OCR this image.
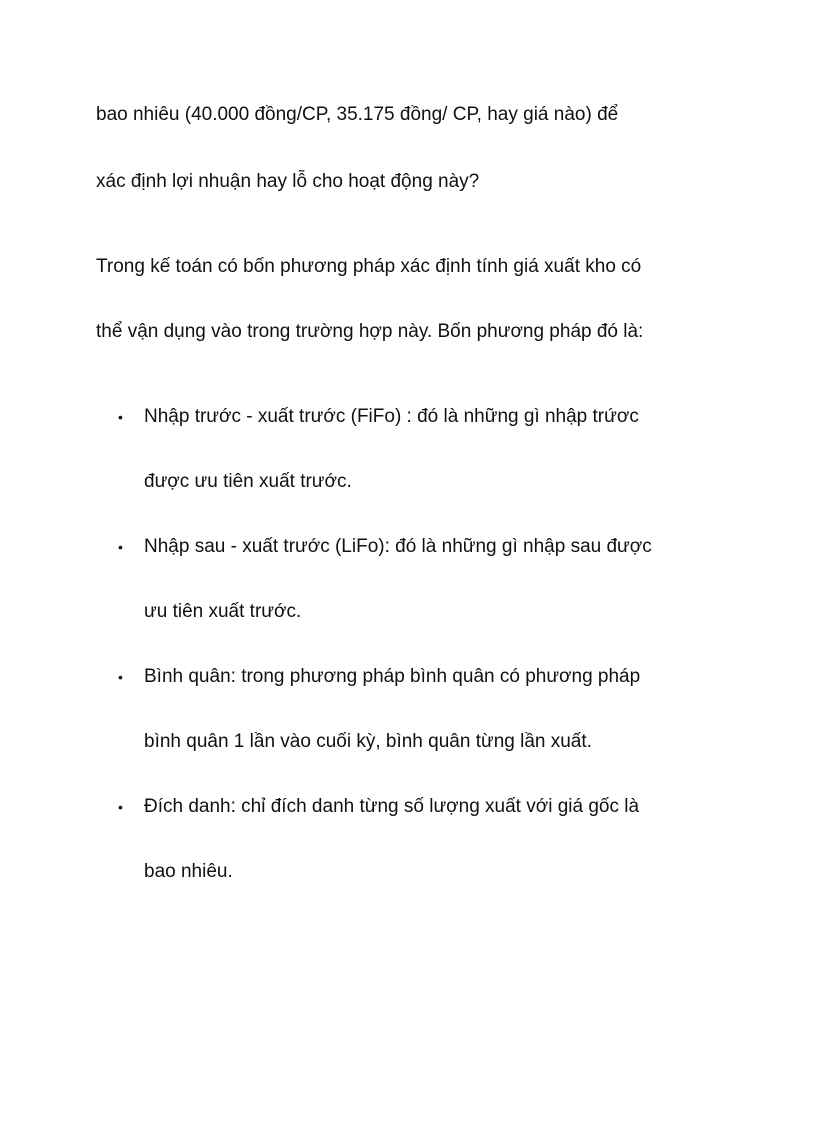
bao nhiêu (40.000 đồng/CP, 35.175 đồng/ CP, hay giá nào) để
xác định lợi nhuận hay lỗ cho hoạt động này?
Trong kế toán có bốn phương pháp xác định tính giá xuất kho có
thể vận dụng vào trong trường hợp này. Bốn phương pháp đó là:
• Nhập trước - xuất trước (FiFo) : đó là những gì nhập trứơc
được ưu tiên xuất trước.
• Nhập sau - xuất trước (LiFo): đó là những gì nhập sau được
ưu tiên xuất trước.
• Bình quân: trong phương pháp bình quân có phương pháp
bình quân 1 lần vào cuối kỳ, bình quân từng lần xuất.
• Đích danh: chỉ đích danh từng số lượng xuất với giá gốc là
bao nhiêu.
